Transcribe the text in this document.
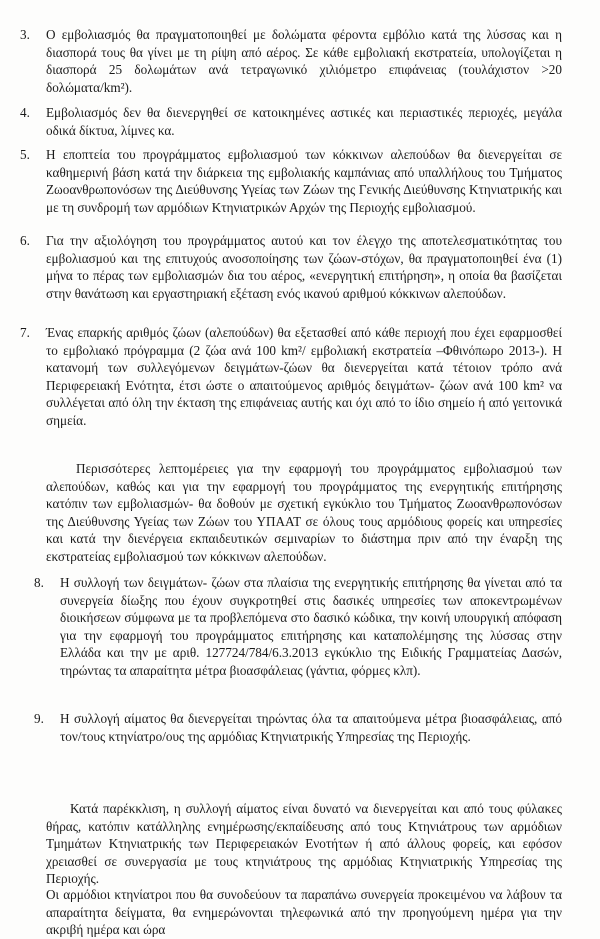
3. Ο εμβολιασμός θα πραγματοποιηθεί με δολώματα φέροντα εμβόλιο κατά της λύσσας και η διασπορά τους θα γίνει με τη ρίψη από αέρος. Σε κάθε εμβολιακή εκστρατεία, υπολογίζεται η διασπορά 25 δολωμάτων ανά τετραγωνικό χιλιόμετρο επιφάνειας (τουλάχιστον >20 δολώματα/km²).
4. Εμβολιασμός δεν θα διενεργηθεί σε κατοικημένες αστικές και περιαστικές περιοχές, μεγάλα οδικά δίκτυα, λίμνες κα.
5. Η εποπτεία του προγράμματος εμβολιασμού των κόκκινων αλεπούδων θα διενεργείται σε καθημερινή βάση κατά την διάρκεια της εμβολιακής καμπάνιας από υπαλλήλους του Τμήματος Ζωοανθρωπονόσων της Διεύθυνσης Υγείας των Ζώων της Γενικής Διεύθυνσης Κτηνιατρικής και με τη συνδρομή των αρμόδιων Κτηνιατρικών Αρχών της Περιοχής εμβολιασμού.
6. Για την αξιολόγηση του προγράμματος αυτού και τον έλεγχο της αποτελεσματικότητας του εμβολιασμού και της επιτυχούς ανοσοποίησης των ζώων-στόχων, θα πραγματοποιηθεί ένα (1) μήνα το πέρας των εμβολιασμών δια του αέρος, «ενεργητική επιτήρηση», η οποία θα βασίζεται στην θανάτωση και εργαστηριακή εξέταση ενός ικανού αριθμού κόκκινων αλεπούδων.
7. Ένας επαρκής αριθμός ζώων (αλεπούδων) θα εξετασθεί από κάθε περιοχή που έχει εφαρμοσθεί το εμβολιακό πρόγραμμα (2 ζώα ανά 100 km²/ εμβολιακή εκστρατεία –Φθινόπωρο 2013-). Η κατανομή των συλλεγόμενων δειγμάτων-ζώων θα διενεργείται κατά τέτοιον τρόπο ανά Περιφερειακή Ενότητα, έτσι ώστε ο απαιτούμενος αριθμός δειγμάτων- ζώων ανά 100 km² να συλλέγεται από όλη την έκταση της επιφάνειας αυτής και όχι από το ίδιο σημείο ή από γειτονικά σημεία.
Περισσότερες λεπτομέρειες για την εφαρμογή του προγράμματος εμβολιασμού των αλεπούδων, καθώς και για την εφαρμογή του προγράμματος της ενεργητικής επιτήρησης κατόπιν των εμβολιασμών- θα δοθούν με σχετική εγκύκλιο του Τμήματος Ζωοανθρωπονόσων της Διεύθυνσης Υγείας των Ζώων του ΥΠΑΑΤ σε όλους τους αρμόδιους φορείς και υπηρεσίες και κατά την διενέργεια εκπαιδευτικών σεμιναρίων το διάστημα πριν από την έναρξη της εκστρατείας εμβολιασμού των κόκκινων αλεπούδων.
8. Η συλλογή των δειγμάτων- ζώων στα πλαίσια της ενεργητικής επιτήρησης θα γίνεται από τα συνεργεία δίωξης που έχουν συγκροτηθεί στις δασικές υπηρεσίες των αποκεντρωμένων διοικήσεων σύμφωνα με τα προβλεπόμενα στο δασικό κώδικα, την κοινή υπουργική απόφαση για την εφαρμογή του προγράμματος επιτήρησης και καταπολέμησης της λύσσας στην Ελλάδα και την με αριθ. 127724/784/6.3.2013 εγκύκλιο της Ειδικής Γραμματείας Δασών, τηρώντας τα απαραίτητα μέτρα βιοασφάλειας (γάντια, φόρμες κλπ).
9. Η συλλογή αίματος θα διενεργείται τηρώντας όλα τα απαιτούμενα μέτρα βιοασφάλειας, από τον/τους κτηνίατρο/ους της αρμόδιας Κτηνιατρικής Υπηρεσίας της Περιοχής.
Κατά παρέκκλιση, η συλλογή αίματος είναι δυνατό να διενεργείται και από τους φύλακες θήρας, κατόπιν κατάλληλης ενημέρωσης/εκπαίδευσης από τους Κτηνιάτρους των αρμόδιων Τμημάτων Κτηνιατρικής των Περιφερειακών Ενοτήτων ή από άλλους φορείς, και εφόσον χρειασθεί σε συνεργασία με τους κτηνιάτρους της αρμόδιας Κτηνιατρικής Υπηρεσίας της Περιοχής.
Οι αρμόδιοι κτηνίατροι που θα συνοδεύουν τα παραπάνω συνεργεία προκειμένου να λάβουν τα απαραίτητα δείγματα, θα ενημερώνονται τηλεφωνικά από την προηγούμενη ημέρα για την ακριβή ημέρα και ώρα
